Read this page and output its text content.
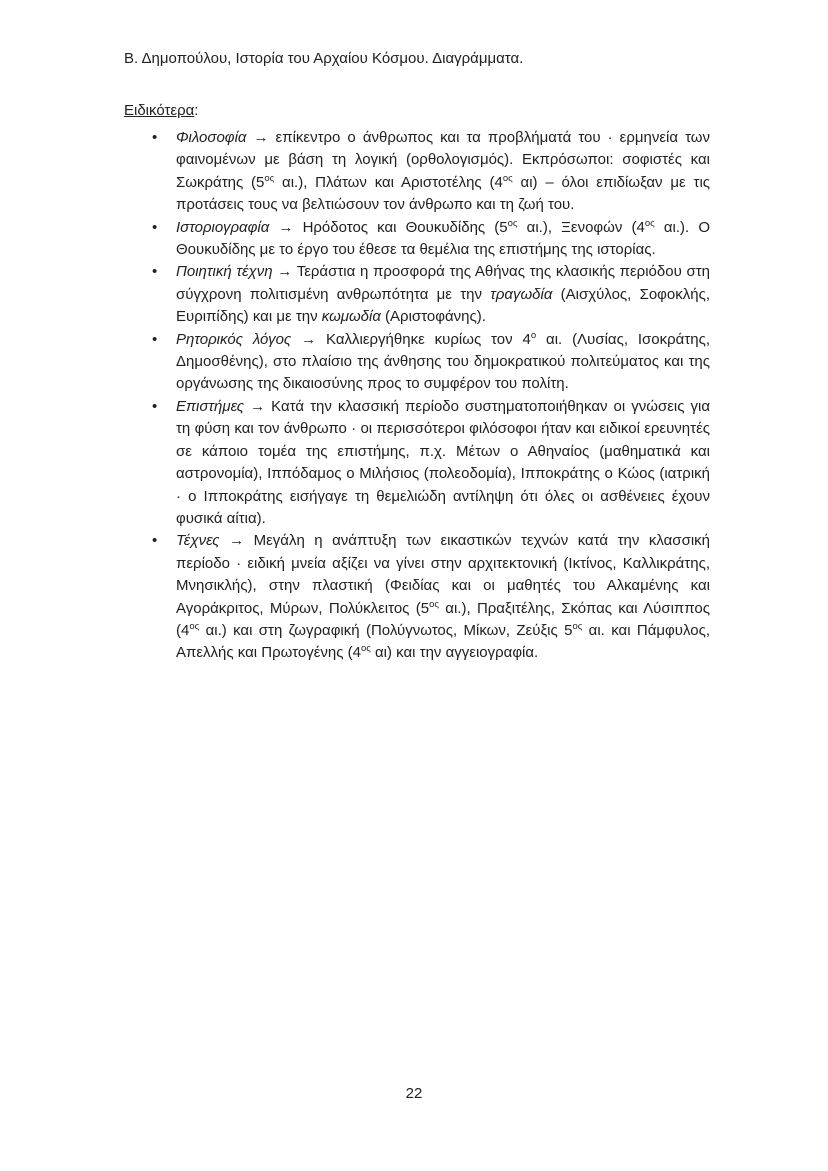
Β. Δημοπούλου, Ιστορία του Αρχαίου Κόσμου. Διαγράμματα.

Ειδικότερα:

• Φιλοσοφία → επίκεντρο ο άνθρωπος και τα προβλήματά του · ερμηνεία των φαινομένων με βάση τη λογική (ορθολογισμός). Εκπρόσωποι: σοφιστές και Σωκράτης ($5^{o\varsigma}$ αι.), Πλάτων και Αριστοτέλης ($4^{o\varsigma}$ αι) – όλοι επιδίωξαν με τις προτάσεις τους να βελτιώσουν τον άνθρωπο και τη ζωή του.
• Ιστοριογραφία → Ηρόδοτος και Θουκυδίδης ($5^{o\varsigma}$ αι.), Ξενοφών ($4^{o\varsigma}$ αι.). Ο Θουκυδίδης με το έργο του έθεσε τα θεμέλια της επιστήμης της ιστορίας.
• Ποιητική τέχνη → Τεράστια η προσφορά της Αθήνας της κλασικής περιόδου στη σύγχρονη πολιτισμένη ανθρωπότητα με την τραγωδία (Αισχύλος, Σοφοκλής, Ευριπίδης) και με την κωμωδία (Αριστοφάνης).
• Ρητορικός λόγος → Καλλιεργήθηκε κυρίως τον $4^o$ αι. (Λυσίας, Ισοκράτης, Δημοσθένης), στο πλαίσιο της άνθησης του δημοκρατικού πολιτεύματος και της οργάνωσης της δικαιοσύνης προς το συμφέρον του πολίτη.
• Επιστήμες → Κατά την κλασσική περίοδο συστηματοποιήθηκαν οι γνώσεις για τη φύση και τον άνθρωπο · οι περισσότεροι φιλόσοφοι ήταν και ειδικοί ερευνητές σε κάποιο τομέα της επιστήμης, π.χ. Μέτων ο Αθηναίος (μαθηματικά και αστρονομία), Ιππόδαμος ο Μιλήσιος (πολεοδομία), Ιπποκράτης ο Κώος (ιατρική · ο Ιπποκράτης εισήγαγε τη θεμελιώδη αντίληψη ότι όλες οι ασθένειες έχουν φυσικά αίτια).
• Τέχνες → Μεγάλη η ανάπτυξη των εικαστικών τεχνών κατά την κλασσική περίοδο · ειδική μνεία αξίζει να γίνει στην αρχιτεκτονική (Ικτίνος, Καλλικράτης, Μνησικλής), στην πλαστική (Φειδίας και οι μαθητές του Αλκαμένης και Αγοράκριτος, Μύρων, Πολύκλειτος ($5^{o\varsigma}$ αι.), Πραξιτέλης, Σκόπας και Λύσιππος ($4^{o\varsigma}$ αι.) και στη ζωγραφική (Πολύγνωτος, Μίκων, Ζεύξις $5^{o\varsigma}$ αι. και Πάμφυλος, Απελλής και Πρωτογένης ($4^{o\varsigma}$ αι) και την αγγειογραφία.
22
